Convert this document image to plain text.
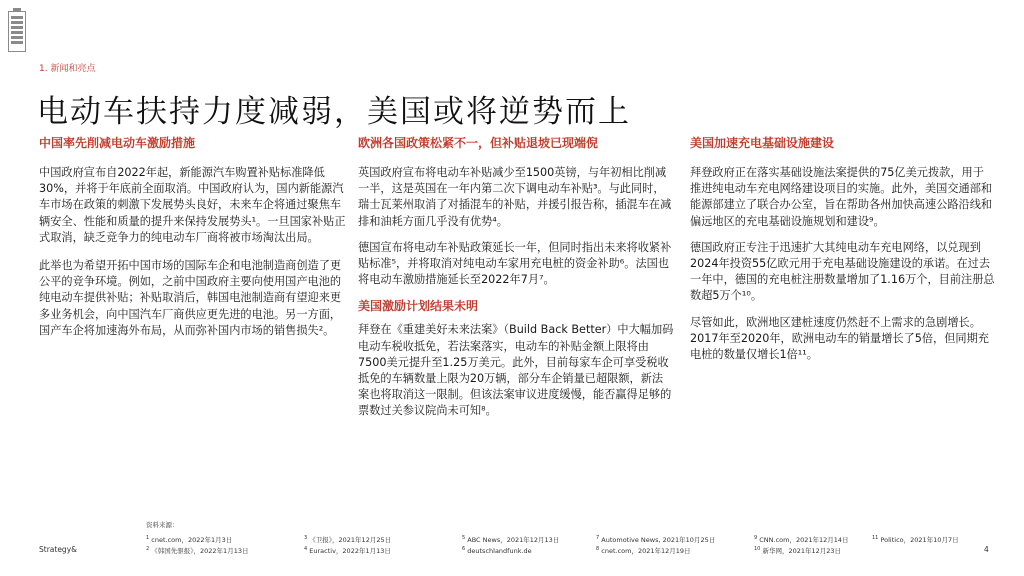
1. 新闻和亮点
电动车扶持力度减弱，美国或将逆势而上
中国率先削减电动车激励措施

中国政府宣布自2022年起，新能源汽车购置补贴标准降低30%，并将于年底前全面取消。中国政府认为，国内新能源汽车市场在政策的刺激下发展势头良好，未来车企将通过聚焦车辆安全、性能和质量的提升来保持发展势头¹。一旦国家补贴正式取消，缺乏竞争力的纯电动车厂商将被市场淘汰出局。

此举也为希望开拓中国市场的国际车企和电池制造商创造了更公平的竞争环境。例如，之前中国政府主要向使用国产电池的纯电动车提供补贴；补贴取消后，韩国电池制造商有望迎来更多业务机会，向中国汽车厂商供应更先进的电池。另一方面，国产车企将加速海外布局，从而弥补国内市场的销售损失²。

欧洲各国政策松紧不一，但补贴退坡已现端倪

英国政府宣布将电动车补贴减少至1500英镑，与年初相比削减一半，这是英国在一年内第二次下调电动车补贴³。与此同时，瑞士瓦莱州取消了对插混车的补贴，并援引报告称，插混车在减排和油耗方面几乎没有优势⁴。

德国宣布将电动车补贴政策延长一年，但同时指出未来将收紧补贴标准⁵，并将取消对纯电动车家用充电桩的资金补助⁶。法国也将电动车激励措施延长至2022年7月⁷。

美国激励计划结果未明

拜登在《重建美好未来法案》（Build Back Better）中大幅加码电动车税收抵免，若法案落实，电动车的补贴金额上限将由7500美元提升至1.25万美元。此外，目前每家车企可享受税收抵免的车辆数量上限为20万辆，部分车企销量已超限额，新法案也将取消这一限制。但该法案审议进度缓慢，能否赢得足够的票数过关参议院尚未可知⁸。

美国加速充电基础设施建设

拜登政府正在落实基础设施法案提供的75亿美元拨款，用于推进纯电动车充电网络建设项目的实施。此外，美国交通部和能源部建立了联合办公室，旨在帮助各州加快高速公路沿线和偏远地区的充电基础设施规划和建设⁹。

德国政府正专注于迅速扩大其纯电动车充电网络，以兑现到2024年投资55亿欧元用于充电基础设施建设的承诺。在过去一年中，德国的充电桩注册数量增加了1.16万个，目前注册总数超5万个¹⁰。

尽管如此，欧洲地区建桩速度仍然赶不上需求的急剧增长。2017年至2020年，欧洲电动车的销量增长了5倍，但同期充电桩的数量仅增长1倍¹¹。

资料来源：
$^1$ cnet.com，2022年1月3日
$^2$ 《韩国先驱报》，2022年1月13日
$^3$ 《卫报》，2021年12月25日
$^4$ Euractiv，2022年1月13日
$^5$ ABC News，2021年12月13日
$^6$ deutschlandfunk.de
$^7$ Automotive News, 2021年10月25日
$^8$ cnet.com，2021年12月19日
$^9$ CNN.com，2021年12月14日
$^{10}$ 新华网，2021年12月23日
$^{11}$ Politico，2021年10月7日
Strategy&	4
